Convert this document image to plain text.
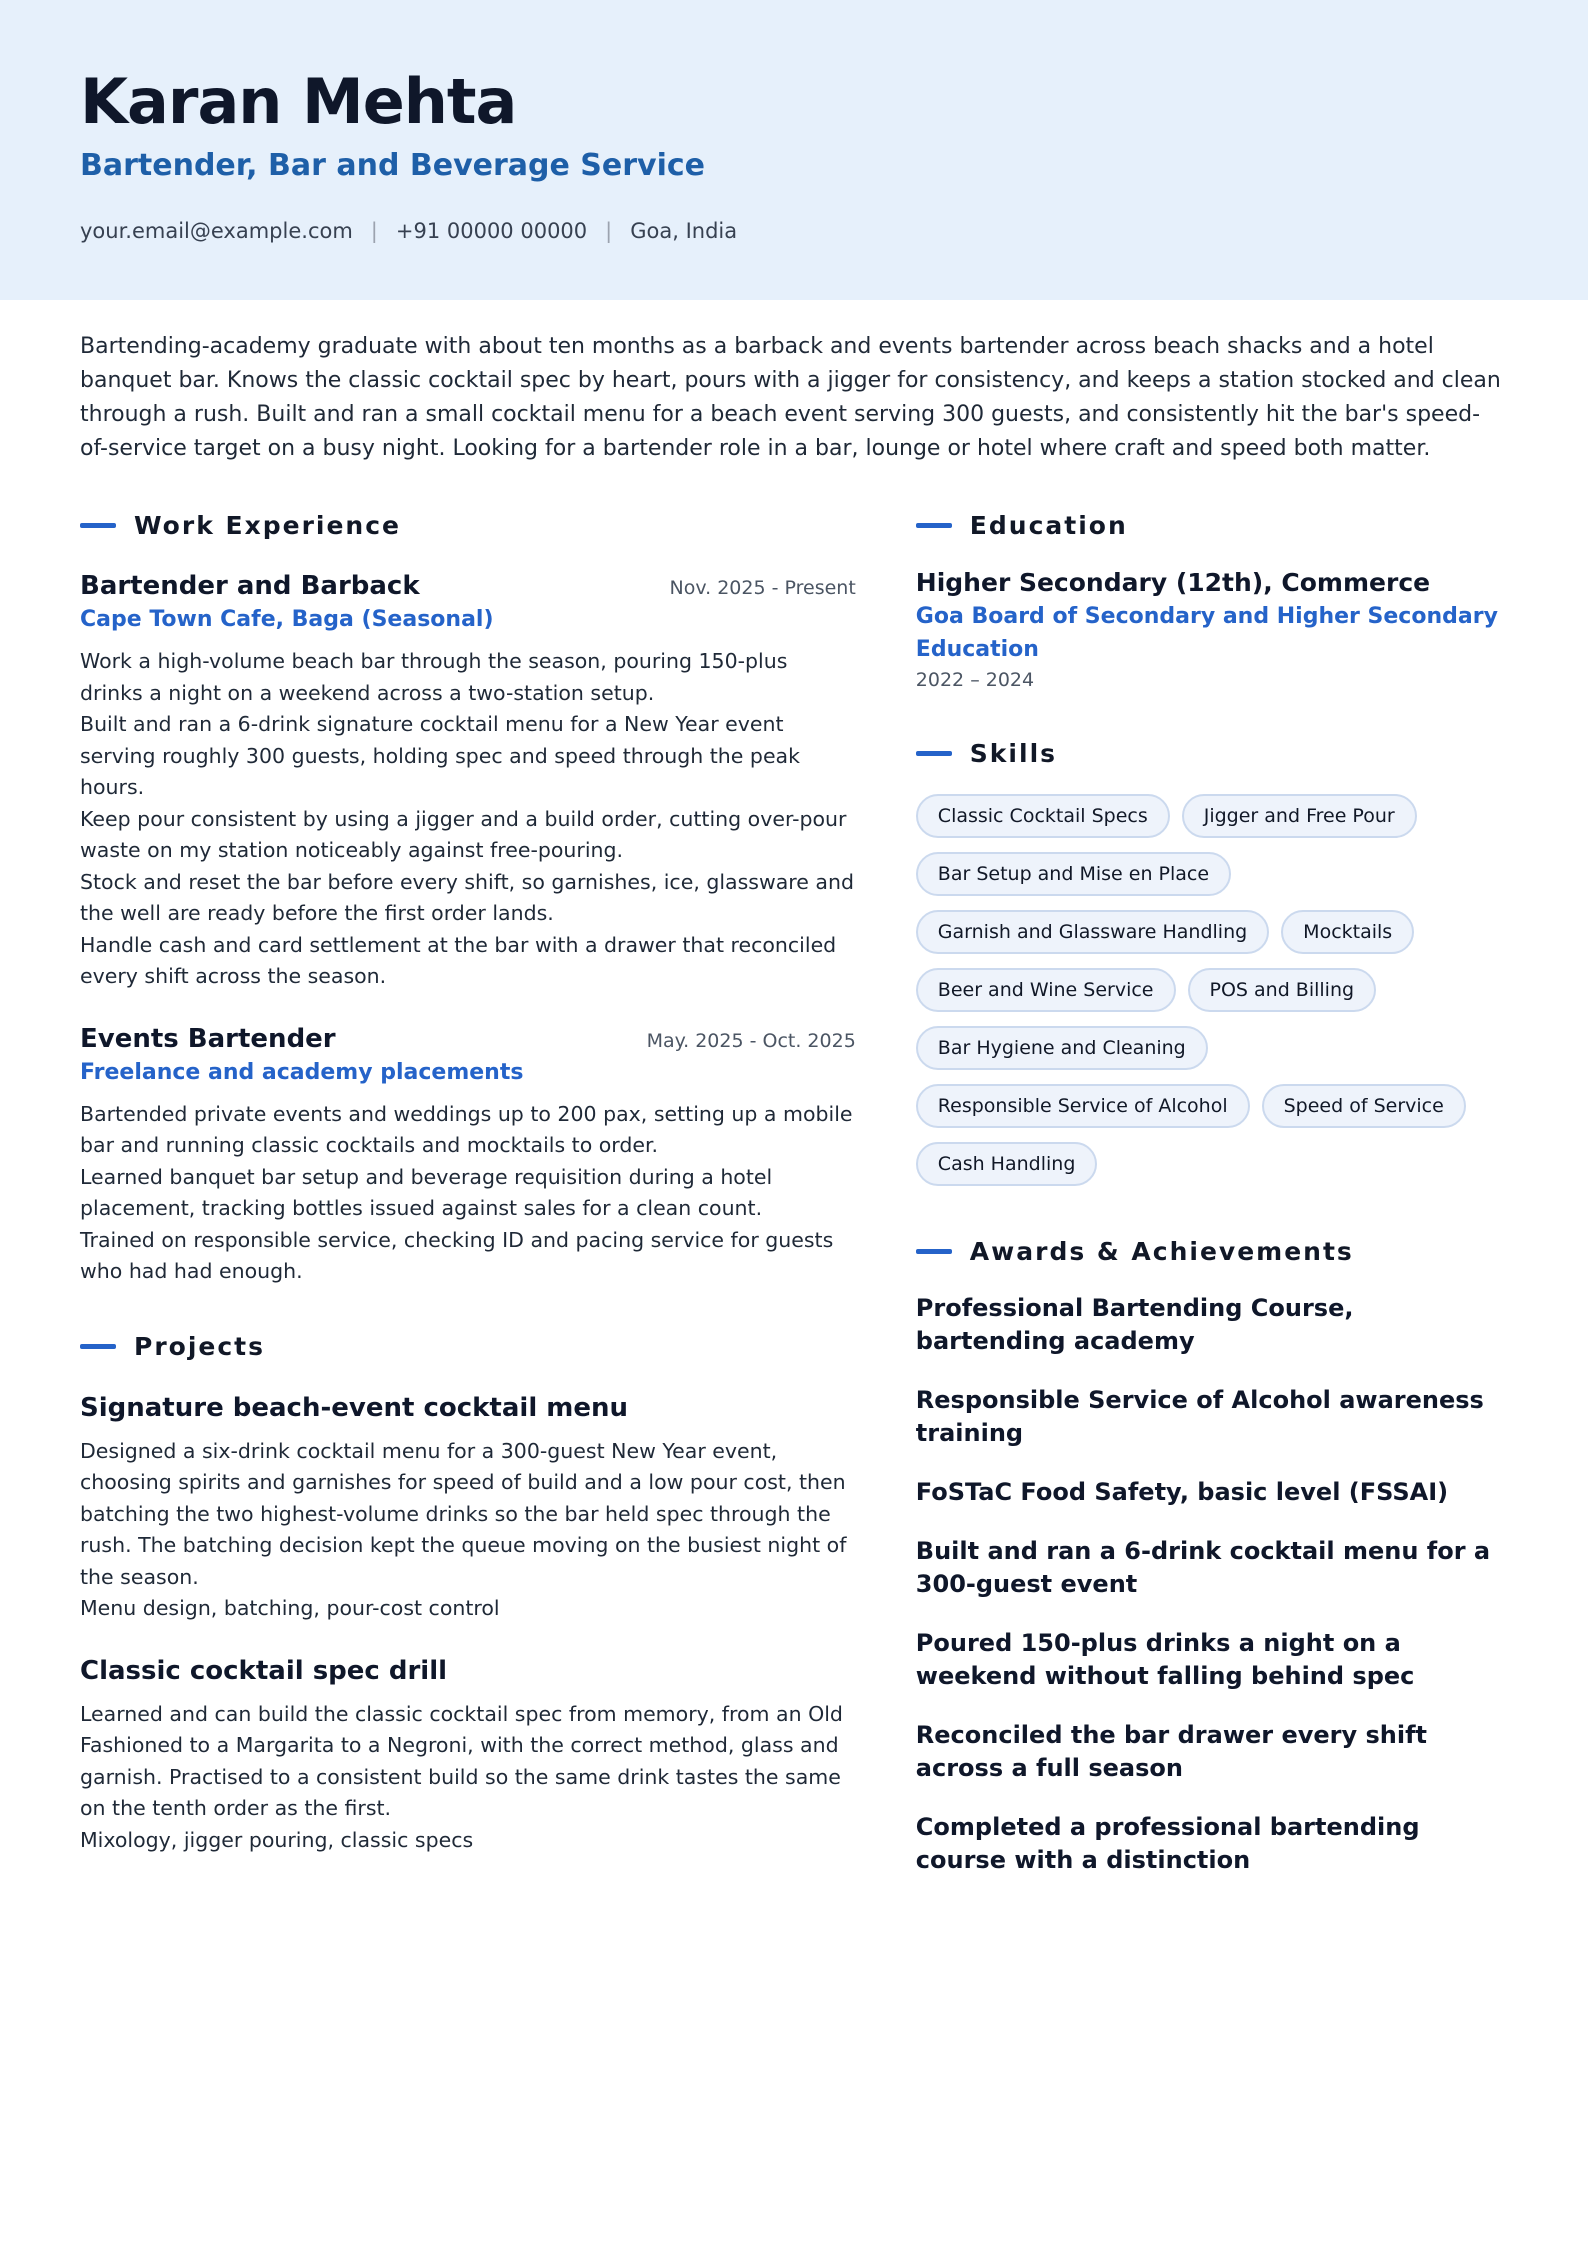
Karan Mehta
Bartender, Bar and Beverage Service
your.email@example.com | +91 00000 00000 | Goa, India
Bartending-academy graduate with about ten months as a barback and events bartender across beach shacks and a hotel banquet bar. Knows the classic cocktail spec by heart, pours with a jigger for consistency, and keeps a station stocked and clean through a rush. Built and ran a small cocktail menu for a beach event serving 300 guests, and consistently hit the bar's speed-of-service target on a busy night. Looking for a bartender role in a bar, lounge or hotel where craft and speed both matter.
Work Experience
Bartender and Barback	Nov. 2025 - Present
Cape Town Cafe, Baga (Seasonal)
Work a high-volume beach bar through the season, pouring 150-plus drinks a night on a weekend across a two-station setup.
Built and ran a 6-drink signature cocktail menu for a New Year event serving roughly 300 guests, holding spec and speed through the peak hours.
Keep pour consistent by using a jigger and a build order, cutting over-pour waste on my station noticeably against free-pouring.
Stock and reset the bar before every shift, so garnishes, ice, glassware and the well are ready before the first order lands.
Handle cash and card settlement at the bar with a drawer that reconciled every shift across the season.
Events Bartender	May. 2025 - Oct. 2025
Freelance and academy placements
Bartended private events and weddings up to 200 pax, setting up a mobile bar and running classic cocktails and mocktails to order.
Learned banquet bar setup and beverage requisition during a hotel placement, tracking bottles issued against sales for a clean count.
Trained on responsible service, checking ID and pacing service for guests who had had enough.
Projects
Signature beach-event cocktail menu
Designed a six-drink cocktail menu for a 300-guest New Year event, choosing spirits and garnishes for speed of build and a low pour cost, then batching the two highest-volume drinks so the bar held spec through the rush. The batching decision kept the queue moving on the busiest night of the season.
Menu design, batching, pour-cost control
Classic cocktail spec drill
Learned and can build the classic cocktail spec from memory, from an Old Fashioned to a Margarita to a Negroni, with the correct method, glass and garnish. Practised to a consistent build so the same drink tastes the same on the tenth order as the first.
Mixology, jigger pouring, classic specs
Education
Higher Secondary (12th), Commerce
Goa Board of Secondary and Higher Secondary Education
2022 – 2024
Skills
Classic Cocktail Specs	Jigger and Free Pour
Bar Setup and Mise en Place
Garnish and Glassware Handling	Mocktails
Beer and Wine Service	POS and Billing
Bar Hygiene and Cleaning
Responsible Service of Alcohol	Speed of Service
Cash Handling
Awards & Achievements
Professional Bartending Course, bartending academy
Responsible Service of Alcohol awareness training
FoSTaC Food Safety, basic level (FSSAI)
Built and ran a 6-drink cocktail menu for a 300-guest event
Poured 150-plus drinks a night on a weekend without falling behind spec
Reconciled the bar drawer every shift across a full season
Completed a professional bartending course with a distinction
